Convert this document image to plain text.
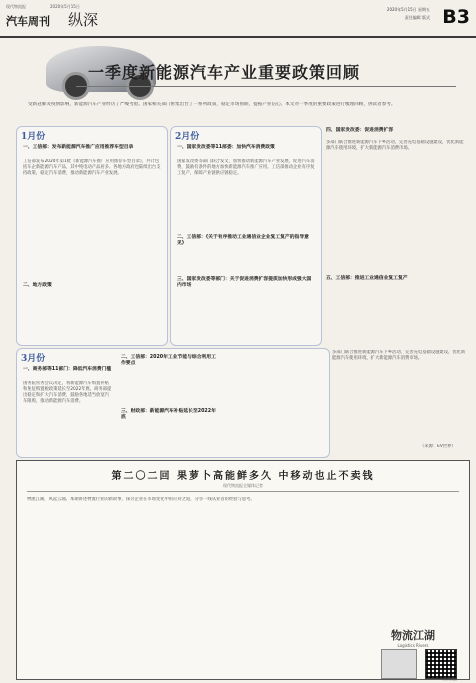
现代物流报	2020年5月15日
汽车周刊 纵深
2020年5月15日 星期五
责任编辑 版式 B3
一季度新能源汽车产业重要政策回顾
受新冠肺炎疫情影响，新能源汽车产业经历了严峻考验。国家相关部门密集出台了一系列政策，稳定市场预期，提振产业信心。本文对一季度的重要政策进行梳理回顾，供读者参考。
1月份
一、工信部：发布新能源汽车推广应用推荐车型目录
工信部发布2020年第1批《新能源汽车推广应用推荐车型目录》，共计包括车企新能源汽车产品，其中纯电动产品居多。各地方政府也陆续出台支持政策，稳定汽车消费，推动新能源汽车产业发展。
二、地方政策
2月份
一、国家发改委等11部委：加快汽车消费政策
国家发改委等部门联合发文，加快推动新能源汽车产业发展，促进汽车消费，鼓励有条件的地方加快新能源汽车推广应用。工信部推动企业有序复工复产，保障产业链供应链稳定。
二、工信部：《关于有序推动工业通信业企业复工复产的指导意见》
三、国家发改委等部门：关于促进消费扩容提质加快形成强大国内市场
四、国家发改委：促进消费扩容
多部门联合推进新能源汽车下乡活动，完善充电基础设施建设，优化新能源汽车使用环境，扩大新能源汽车消费市场。
五、工信部：推进工业通信业复工复产
3月份
一、商务部等11部门：降低汽车消费门槛
国务院常务会议决定，将新能源汽车购置补贴和免征购置税政策延长至2022年底。商务部提出稳定和扩大汽车消费，鼓励各地适当放宽汽车限购，推动新能源汽车消费。
二、工信部：2020年工业节能与综合利用工作要点
三、财政部：新能源汽车补贴延长至2022年底
多部门联合推进新能源汽车下乡活动，完善充电基础设施建设，优化新能源汽车使用环境，扩大新能源汽车消费市场。
（来源：EV世界）
第二〇二回 果萝卜高能鲜多久 中移动也止不卖钱
现代物流报全媒体记者
物流江湖，风起云涌。本期讲述物流行业的新故事，探讨企业在市场变化中的应对之道，分享一线从业者的经验与思考。
物流江湖
Logistics Rivers
扫码关注
